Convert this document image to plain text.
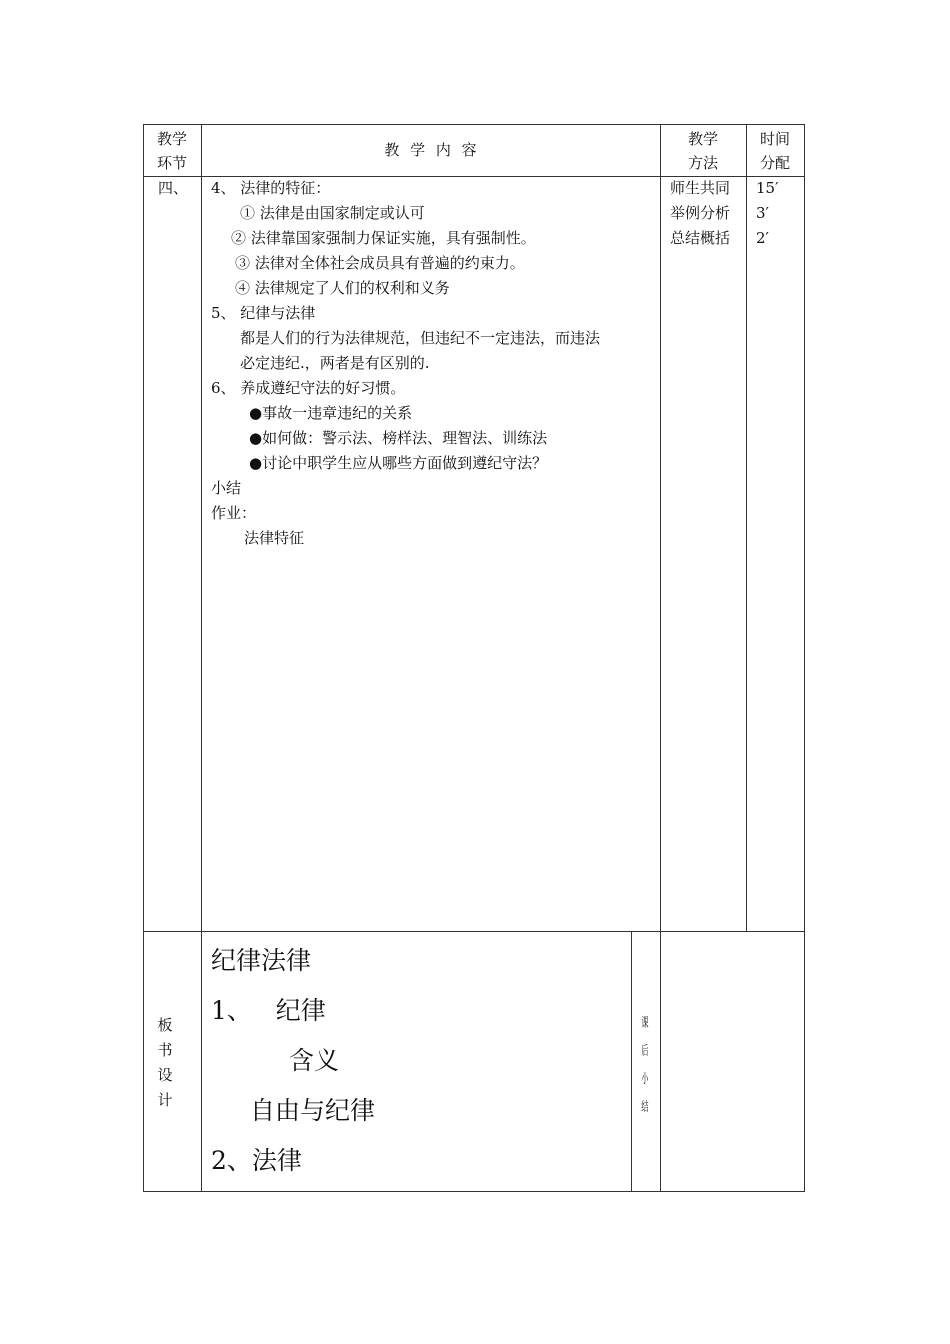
教学
环节
教 学 内 容
教学
方法
时间
分配
四、 4、 法律的特征：
① 法律是由国家制定或认可
② 法律靠国家强制力保证实施，具有强制性。
③ 法律对全体社会成员具有普遍的约束力。
④ 法律规定了人们的权利和义务
5、 纪律与法律
都是人们的行为法律规范，但违纪不一定违法，而违法
必定违纪.，两者是有区别的.
6、 养成遵纪守法的好习惯。
●事故一违章违纪的关系
●如何做：警示法、榜样法、理智法、训练法
●讨论中职学生应从哪些方面做到遵纪守法？
小结
作业：
法律特征
师生共同
举例分析
总结概括
15′
3′
2′
板
书
设
计
纪律法律
1、   纪律
含义
自由与纪律
2、法律
课
后
小
结
